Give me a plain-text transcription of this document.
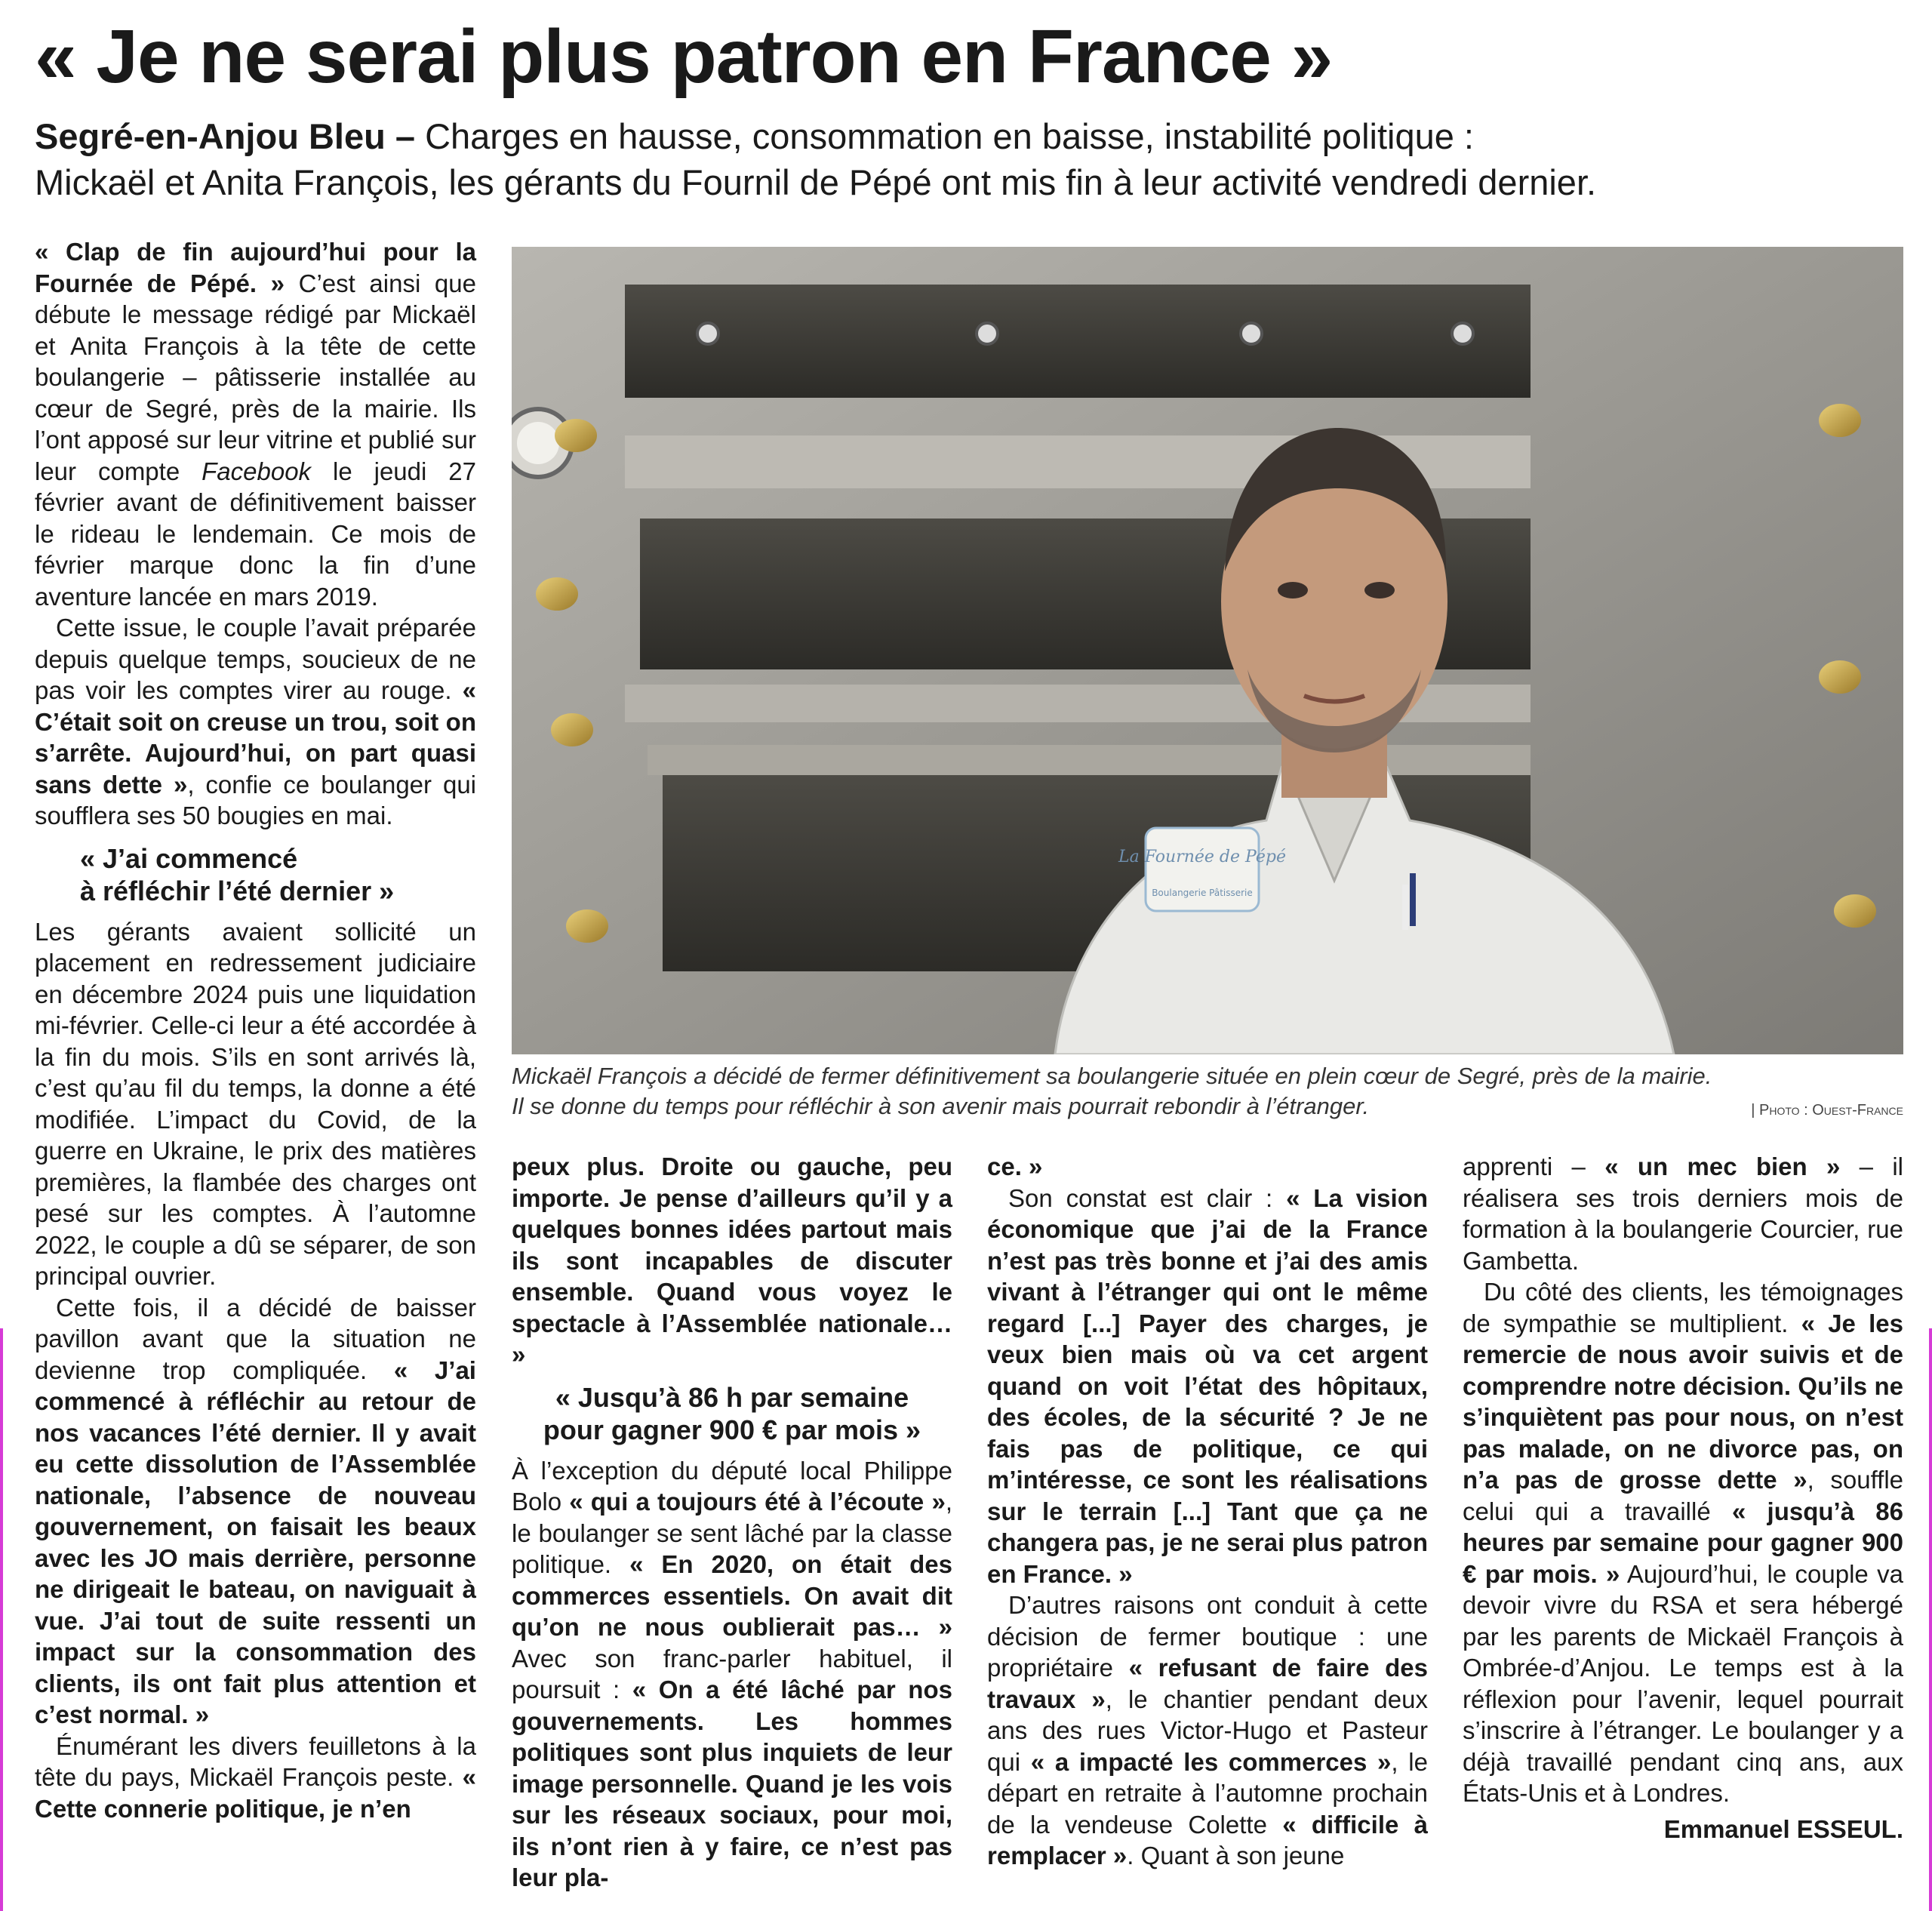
« Je ne serai plus patron en France »

Segré-en-Anjou Bleu – Charges en hausse, consommation en baisse, instabilité politique :
Mickaël et Anita François, les gérants du Fournil de Pépé ont mis fin à leur activité vendredi dernier.

« Clap de fin aujourd’hui pour la Fournée de Pépé. » C’est ainsi que débute le message rédigé par Mickaël et Anita François à la tête de cette boulangerie – pâtisserie installée au cœur de Segré, près de la mairie. Ils l’ont apposé sur leur vitrine et publié sur leur compte Facebook le jeudi 27 février avant de définitivement baisser le rideau le lendemain. Ce mois de février marque donc la fin d’une aventure lancée en mars 2019.

Cette issue, le couple l’avait préparée depuis quelque temps, soucieux de ne pas voir les comptes virer au rouge. « C’était soit on creuse un trou, soit on s’arrête. Aujourd’hui, on part quasi sans dette », confie ce boulanger qui soufflera ses 50 bougies en mai.

« J’ai commencé
à réfléchir l’été dernier »

Les gérants avaient sollicité un placement en redressement judiciaire en décembre 2024 puis une liquidation mi-février. Celle-ci leur a été accordée à la fin du mois. S’ils en sont arrivés là, c’est qu’au fil du temps, la donne a été modifiée. L’impact du Covid, de la guerre en Ukraine, le prix des matières premières, la flambée des charges ont pesé sur les comptes. À l’automne 2022, le couple a dû se séparer, de son principal ouvrier.

Cette fois, il a décidé de baisser pavillon avant que la situation ne devienne trop compliquée. « J’ai commencé à réfléchir au retour de nos vacances l’été dernier. Il y avait eu cette dissolution de l’Assemblée nationale, l’absence de nouveau gouvernement, on faisait les beaux avec les JO mais derrière, personne ne dirigeait le bateau, on naviguait à vue. J’ai tout de suite ressenti un impact sur la consommation des clients, ils ont fait plus attention et c’est normal. »

Énumérant les divers feuilletons à la tête du pays, Mickaël François peste. « Cette connerie politique, je n’en

La Fournée de Pépé
Boulangerie Pâtisserie
Mickaël François a décidé de fermer définitivement sa boulangerie située en plein cœur de Segré, près de la mairie.
Il se donne du temps pour réfléchir à son avenir mais pourrait rebondir à l’étranger.	| Photo : Ouest-France

peux plus. Droite ou gauche, peu importe. Je pense d’ailleurs qu’il y a quelques bonnes idées partout mais ils sont incapables de discuter ensemble. Quand vous voyez le spectacle à l’Assemblée nationale… »

« Jusqu’à 86 h par semaine
pour gagner 900 € par mois »

À l’exception du député local Philippe Bolo « qui a toujours été à l’écoute », le boulanger se sent lâché par la classe politique. « En 2020, on était des commerces essentiels. On avait dit qu’on ne nous oublierait pas… » Avec son franc-parler habituel, il poursuit : « On a été lâché par nos gouvernements. Les hommes politiques sont plus inquiets de leur image personnelle. Quand je les vois sur les réseaux sociaux, pour moi, ils n’ont rien à y faire, ce n’est pas leur pla-

ce. »

Son constat est clair : « La vision économique que j’ai de la France n’est pas très bonne et j’ai des amis vivant à l’étranger qui ont le même regard [...] Payer des charges, je veux bien mais où va cet argent quand on voit l’état des hôpitaux, des écoles, de la sécurité ? Je ne fais pas de politique, ce qui m’intéresse, ce sont les réalisations sur le terrain [...] Tant que ça ne changera pas, je ne serai plus patron en France. »

D’autres raisons ont conduit à cette décision de fermer boutique : une propriétaire « refusant de faire des travaux », le chantier pendant deux ans des rues Victor-Hugo et Pasteur qui « a impacté les commerces », le départ en retraite à l’automne prochain de la vendeuse Colette « difficile à remplacer ». Quant à son jeune

apprenti – « un mec bien » – il réalisera ses trois derniers mois de formation à la boulangerie Courcier, rue Gambetta.

Du côté des clients, les témoignages de sympathie se multiplient. « Je les remercie de nous avoir suivis et de comprendre notre décision. Qu’ils ne s’inquiètent pas pour nous, on n’est pas malade, on ne divorce pas, on n’a pas de grosse dette », souffle celui qui a travaillé « jusqu’à 86 heures par semaine pour gagner 900 € par mois. » Aujourd’hui, le couple va devoir vivre du RSA et sera hébergé par les parents de Mickaël François à Ombrée-d’Anjou. Le temps est à la réflexion pour l’avenir, lequel pourrait s’inscrire à l’étranger. Le boulanger y a déjà travaillé pendant cinq ans, aux États-Unis et à Londres.

Emmanuel ESSEUL.
